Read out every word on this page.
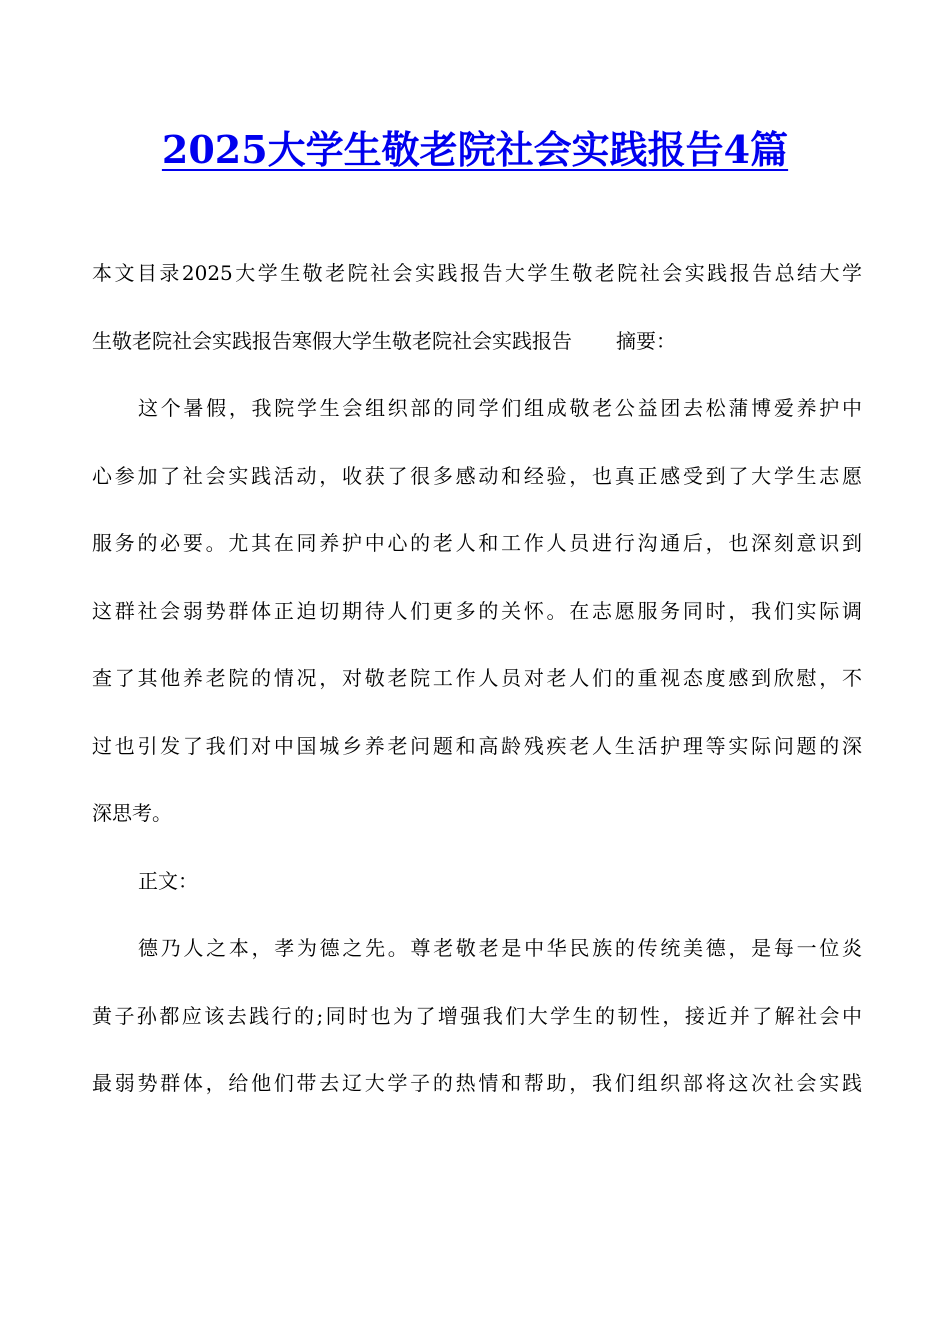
2025大学生敬老院社会实践报告4篇
本文目录2025大学生敬老院社会实践报告大学生敬老院社会实践报告总结大学
生敬老院社会实践报告寒假大学生敬老院社会实践报告 摘要：
这个暑假，我院学生会组织部的同学们组成敬老公益团去松蒲博爱养护中
心参加了社会实践活动，收获了很多感动和经验，也真正感受到了大学生志愿
服务的必要。尤其在同养护中心的老人和工作人员进行沟通后，也深刻意识到
这群社会弱势群体正迫切期待人们更多的关怀。在志愿服务同时，我们实际调
查了其他养老院的情况，对敬老院工作人员对老人们的重视态度感到欣慰，不
过也引发了我们对中国城乡养老问题和高龄残疾老人生活护理等实际问题的深
深思考。
正文：
德乃人之本，孝为德之先。尊老敬老是中华民族的传统美德，是每一位炎
黄子孙都应该去践行的;同时也为了增强我们大学生的韧性，接近并了解社会中
最弱势群体，给他们带去辽大学子的热情和帮助，我们组织部将这次社会实践
